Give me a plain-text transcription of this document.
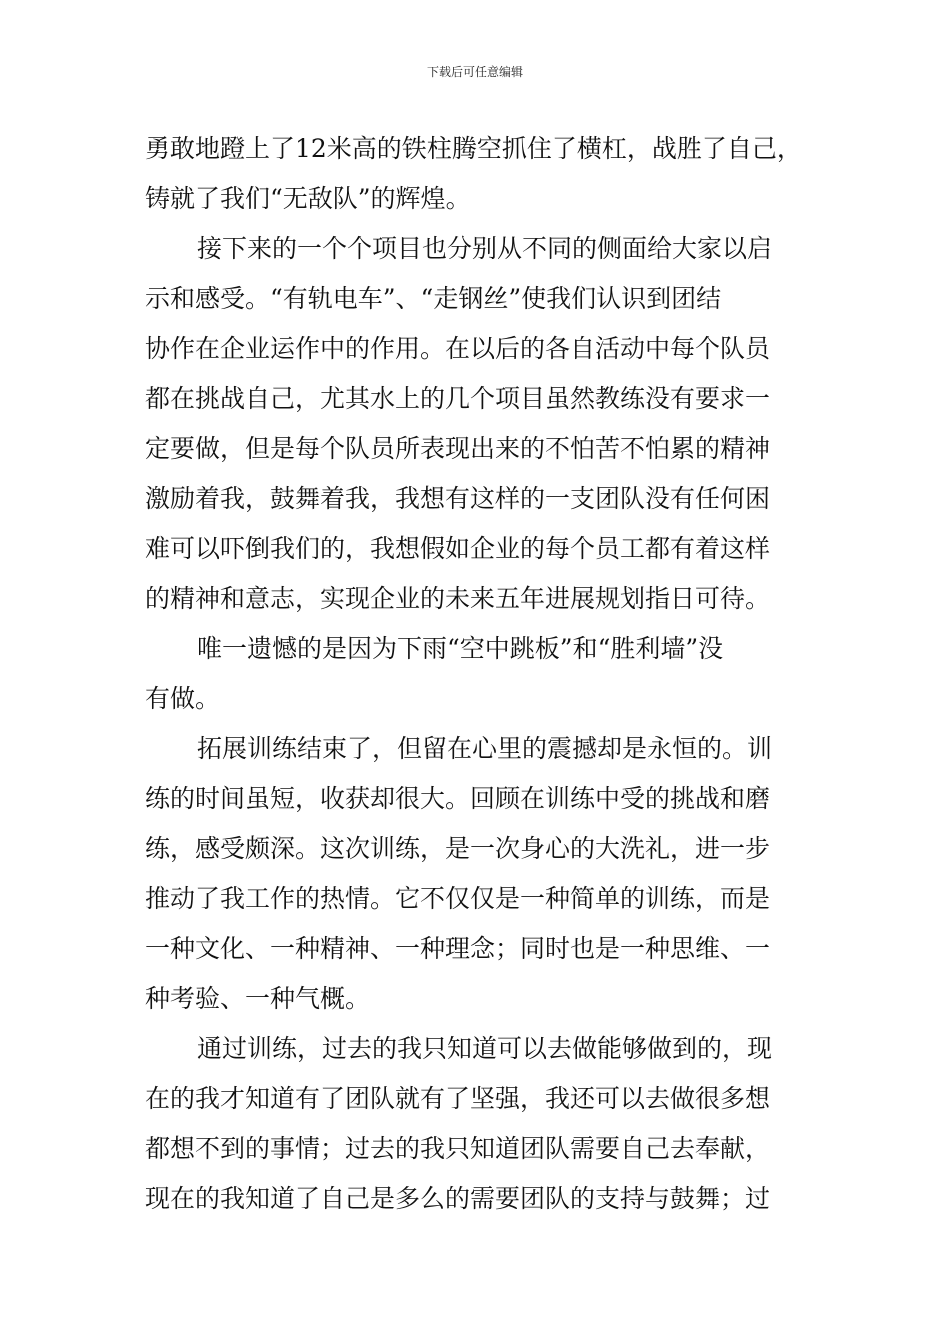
下载后可任意编辑
勇敢地蹬上了12米高的铁柱腾空抓住了横杠，战胜了自己，
铸就了我们“无敌队”的辉煌。
接下来的一个个项目也分别从不同的侧面给大家以启
示和感受。“有轨电车”、“走钢丝”使我们认识到团结
协作在企业运作中的作用。在以后的各自活动中每个队员
都在挑战自己，尤其水上的几个项目虽然教练没有要求一
定要做，但是每个队员所表现出来的不怕苦不怕累的精神
激励着我，鼓舞着我，我想有这样的一支团队没有任何困
难可以吓倒我们的，我想假如企业的每个员工都有着这样
的精神和意志，实现企业的未来五年进展规划指日可待。
唯一遗憾的是因为下雨“空中跳板”和“胜利墙”没
有做。
拓展训练结束了，但留在心里的震撼却是永恒的。训
练的时间虽短，收获却很大。回顾在训练中受的挑战和磨
练，感受颇深。这次训练，是一次身心的大洗礼，进一步
推动了我工作的热情。它不仅仅是一种简单的训练，而是
一种文化、一种精神、一种理念；同时也是一种思维、一
种考验、一种气概。
通过训练，过去的我只知道可以去做能够做到的，现
在的我才知道有了团队就有了坚强，我还可以去做很多想
都想不到的事情；过去的我只知道团队需要自己去奉献，
现在的我知道了自己是多么的需要团队的支持与鼓舞；过
